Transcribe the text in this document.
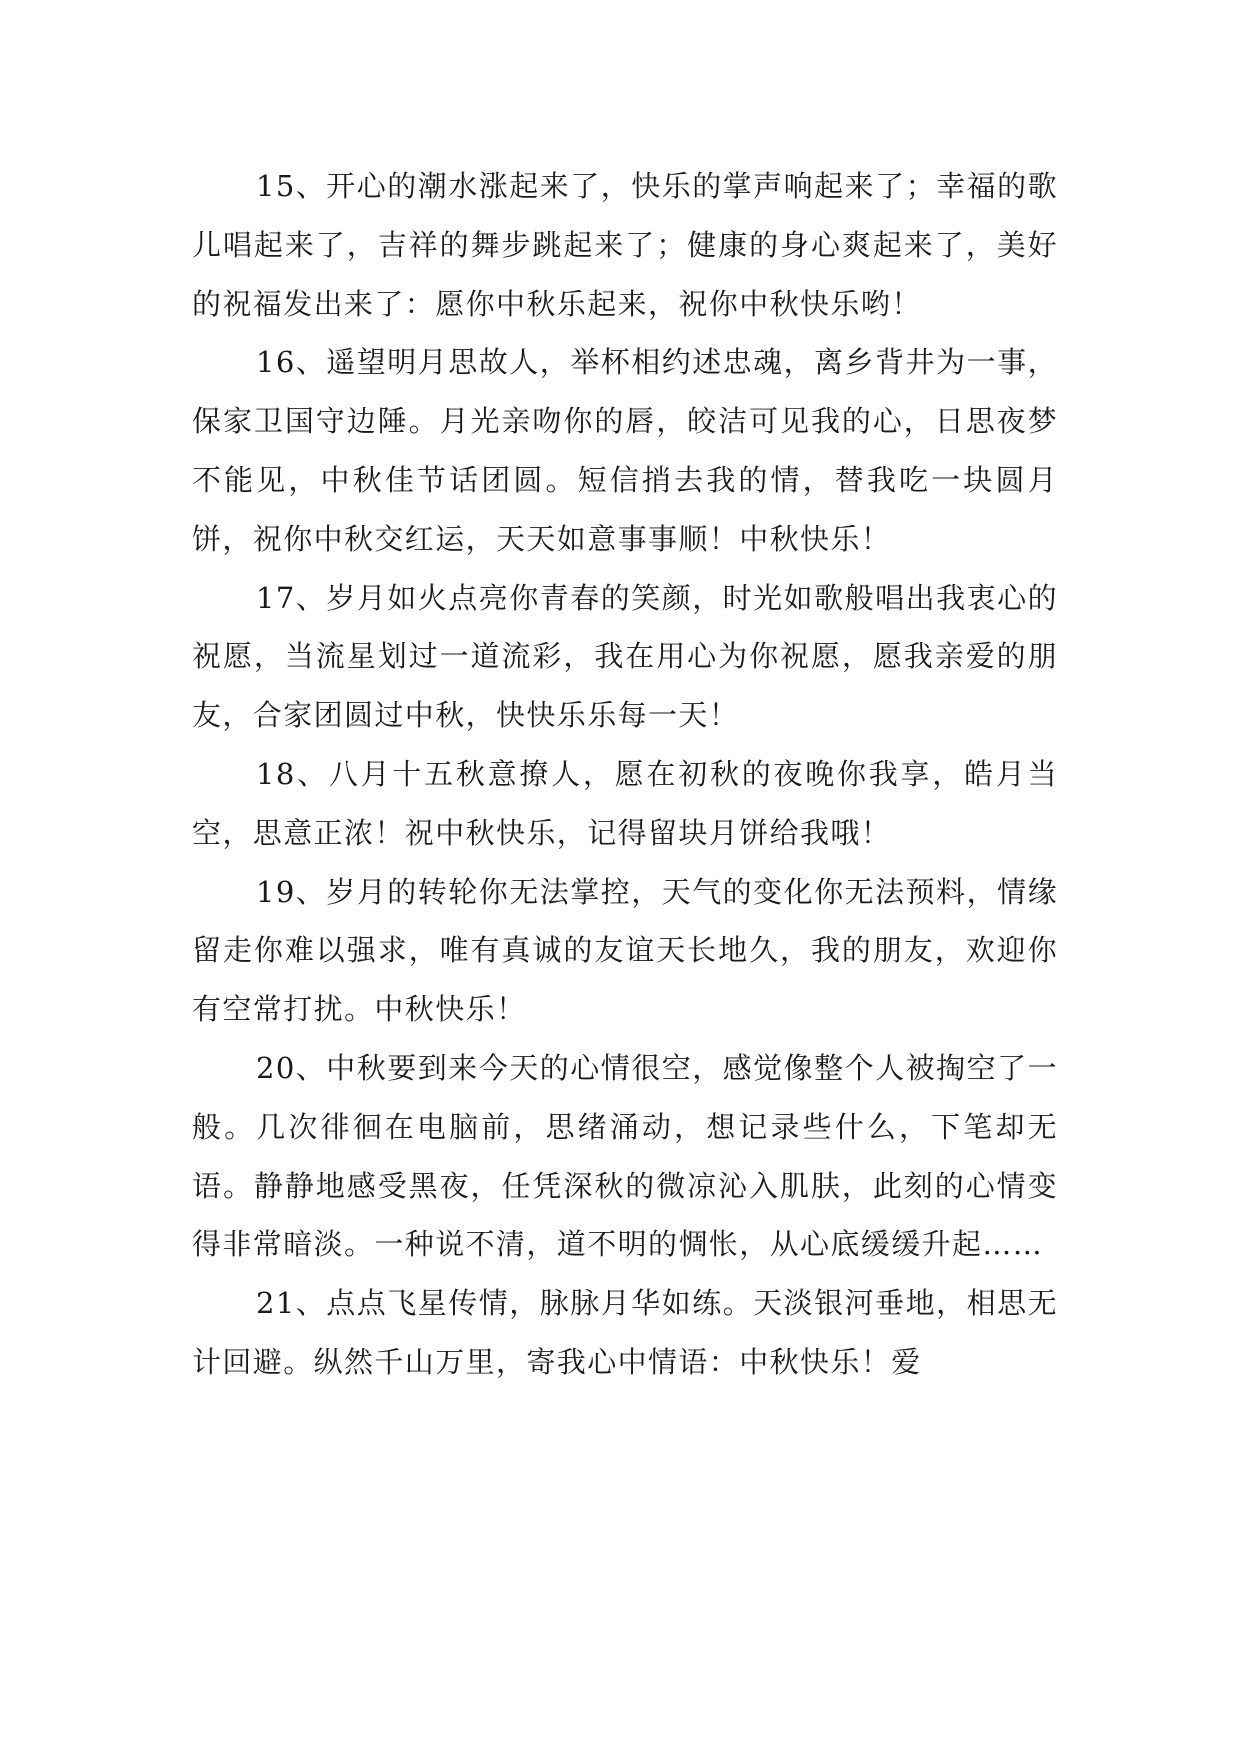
15、开心的潮水涨起来了，快乐的掌声响起来了；幸福的歌儿唱起来了，吉祥的舞步跳起来了；健康的身心爽起来了，美好的祝福发出来了：愿你中秋乐起来，祝你中秋快乐哟！

16、遥望明月思故人，举杯相约述忠魂，离乡背井为一事，保家卫国守边陲。月光亲吻你的唇，皎洁可见我的心，日思夜梦不能见，中秋佳节话团圆。短信捎去我的情，替我吃一块圆月饼，祝你中秋交红运，天天如意事事顺！中秋快乐！

17、岁月如火点亮你青春的笑颜，时光如歌般唱出我衷心的祝愿，当流星划过一道流彩，我在用心为你祝愿，愿我亲爱的朋友，合家团圆过中秋，快快乐乐每一天！

18、八月十五秋意撩人，愿在初秋的夜晚你我享，皓月当空，思意正浓！祝中秋快乐，记得留块月饼给我哦！

19、岁月的转轮你无法掌控，天气的变化你无法预料，情缘留走你难以强求，唯有真诚的友谊天长地久，我的朋友，欢迎你有空常打扰。中秋快乐！

20、中秋要到来今天的心情很空，感觉像整个人被掏空了一般。几次徘徊在电脑前，思绪涌动，想记录些什么，下笔却无语。静静地感受黑夜，任凭深秋的微凉沁入肌肤，此刻的心情变得非常暗淡。一种说不清，道不明的惆怅，从心底缓缓升起……

21、点点飞星传情，脉脉月华如练。天淡银河垂地，相思无计回避。纵然千山万里，寄我心中情语：中秋快乐！爱
